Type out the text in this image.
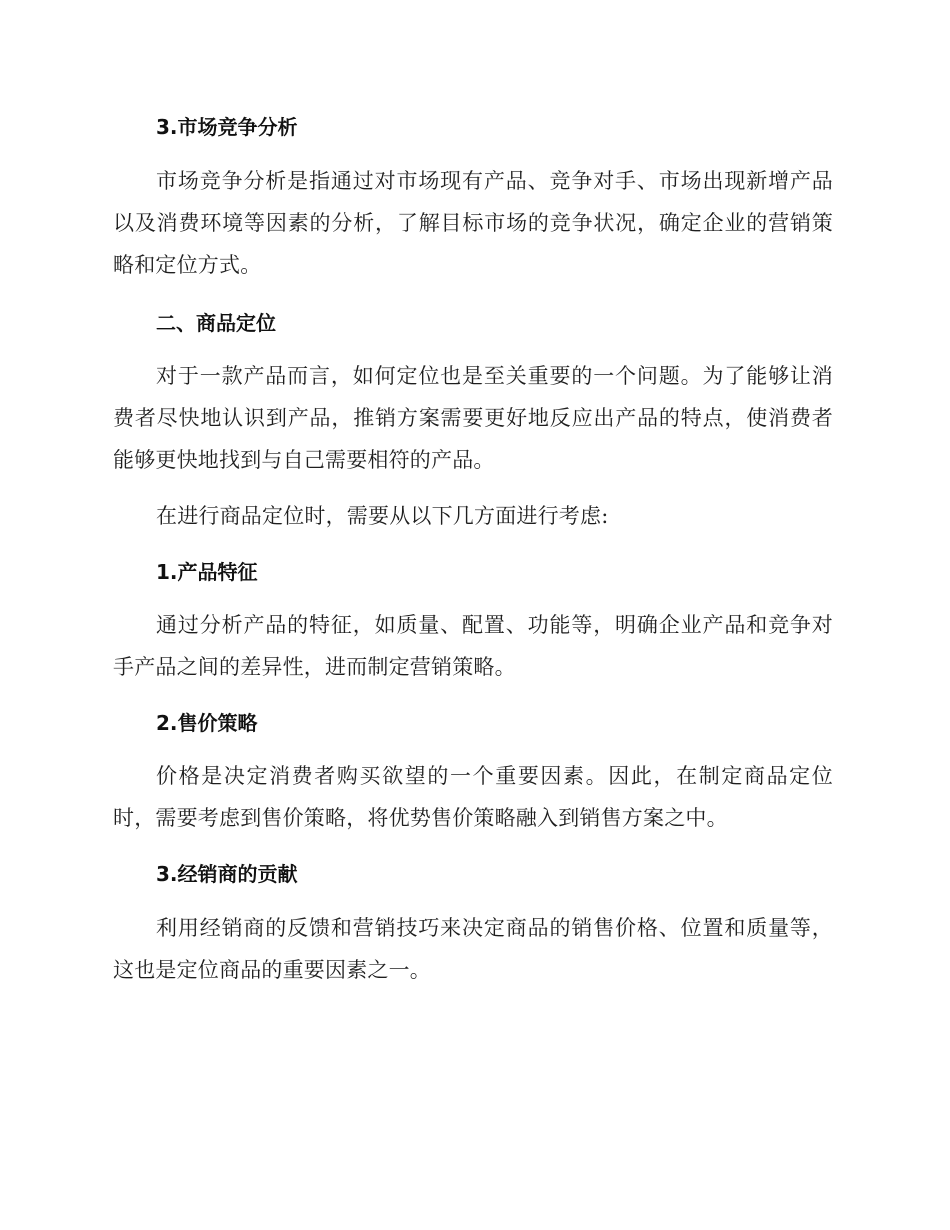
3.市场竞争分析

市场竞争分析是指通过对市场现有产品、竞争对手、市场出现新增产品以及消费环境等因素的分析，了解目标市场的竞争状况，确定企业的营销策略和定位方式。

二、商品定位

对于一款产品而言，如何定位也是至关重要的一个问题。为了能够让消费者尽快地认识到产品，推销方案需要更好地反应出产品的特点，使消费者能够更快地找到与自己需要相符的产品。

在进行商品定位时，需要从以下几方面进行考虑:

1.产品特征

通过分析产品的特征，如质量、配置、功能等，明确企业产品和竞争对手产品之间的差异性，进而制定营销策略。

2.售价策略

价格是决定消费者购买欲望的一个重要因素。因此，在制定商品定位时，需要考虑到售价策略，将优势售价策略融入到销售方案之中。

3.经销商的贡献

利用经销商的反馈和营销技巧来决定商品的销售价格、位置和质量等，这也是定位商品的重要因素之一。
